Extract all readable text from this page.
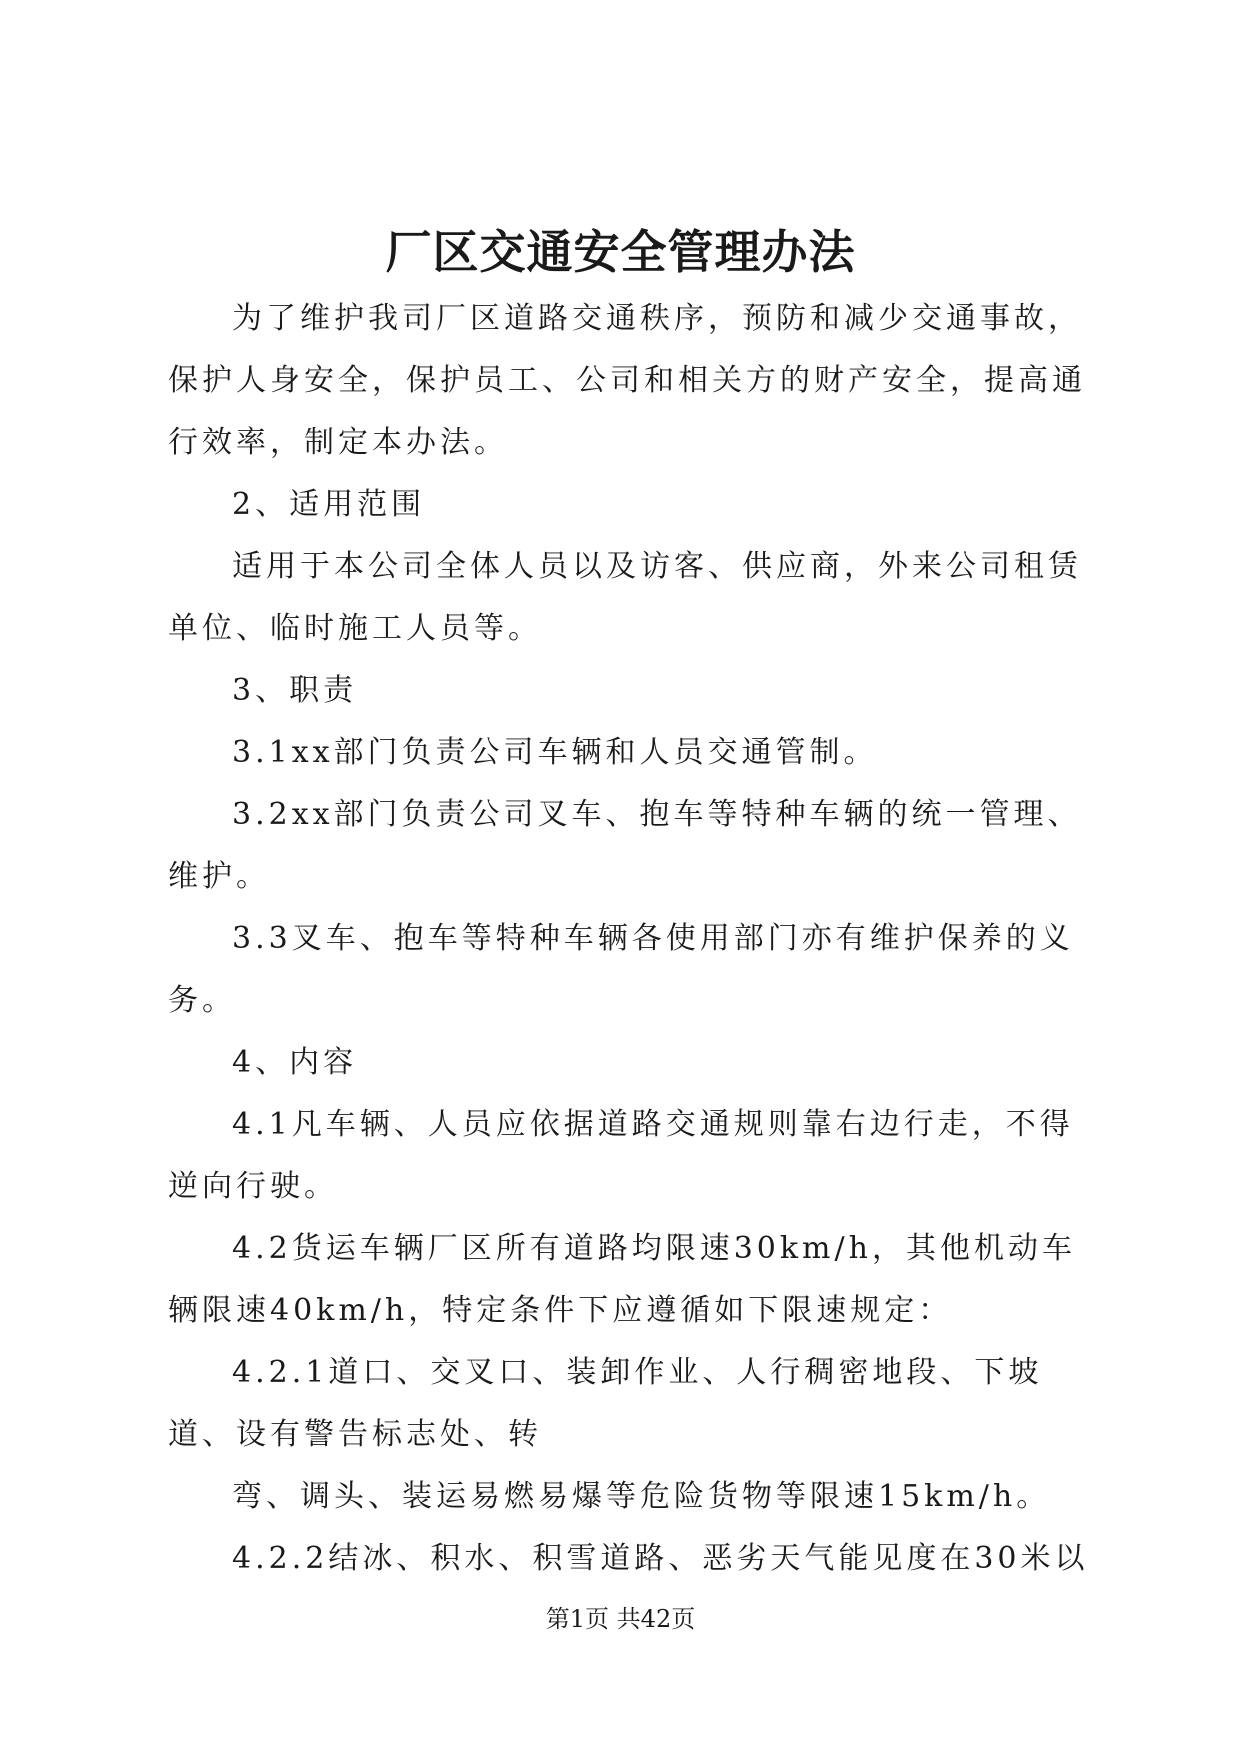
厂区交通安全管理办法

为了维护我司厂区道路交通秩序，预防和减少交通事故，保护人身安全，保护员工、公司和相关方的财产安全，提高通行效率，制定本办法。

2、适用范围

适用于本公司全体人员以及访客、供应商，外来公司租赁单位、临时施工人员等。

3、职责

3.1xx部门负责公司车辆和人员交通管制。

3.2xx部门负责公司叉车、抱车等特种车辆的统一管理、维护。

3.3叉车、抱车等特种车辆各使用部门亦有维护保养的义务。

4、内容

4.1凡车辆、人员应依据道路交通规则靠右边行走，不得逆向行驶。

4.2货运车辆厂区所有道路均限速30km/h，其他机动车辆限速40km/h，特定条件下应遵循如下限速规定：

4.2.1道口、交叉口、装卸作业、人行稠密地段、下坡道、设有警告标志处、转

弯、调头、装运易燃易爆等危险货物等限速15km/h。

4.2.2结冰、积水、积雪道路、恶劣天气能见度在30米以

第1页 共42页
